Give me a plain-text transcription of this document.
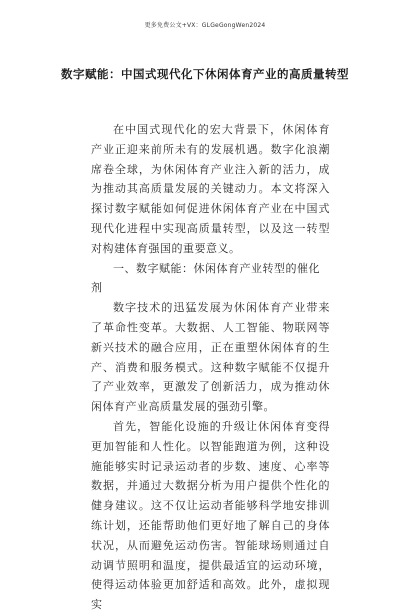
更多免费公文+VX：GLGeGongWen2024
数字赋能：中国式现代化下休闲体育产业的高质量转型

在中国式现代化的宏大背景下，休闲体育产业正迎来前所未有的发展机遇。数字化浪潮席卷全球，为休闲体育产业注入新的活力，成为推动其高质量发展的关键动力。本文将深入探讨数字赋能如何促进休闲体育产业在中国式现代化进程中实现高质量转型，以及这一转型对构建体育强国的重要意义。

一、数字赋能：休闲体育产业转型的催化剂

数字技术的迅猛发展为休闲体育产业带来了革命性变革。大数据、人工智能、物联网等新兴技术的融合应用，正在重塑休闲体育的生产、消费和服务模式。这种数字赋能不仅提升了产业效率，更激发了创新活力，成为推动休闲体育产业高质量发展的强劲引擎。

首先，智能化设施的升级让休闲体育变得更加智能和人性化。以智能跑道为例，这种设施能够实时记录运动者的步数、速度、心率等数据，并通过大数据分析为用户提供个性化的健身建议。这不仅让运动者能够科学地安排训练计划，还能帮助他们更好地了解自己的身体状况，从而避免运动伤害。智能球场则通过自动调节照明和温度，提供最适宜的运动环境，使得运动体验更加舒适和高效。此外，虚拟现实
